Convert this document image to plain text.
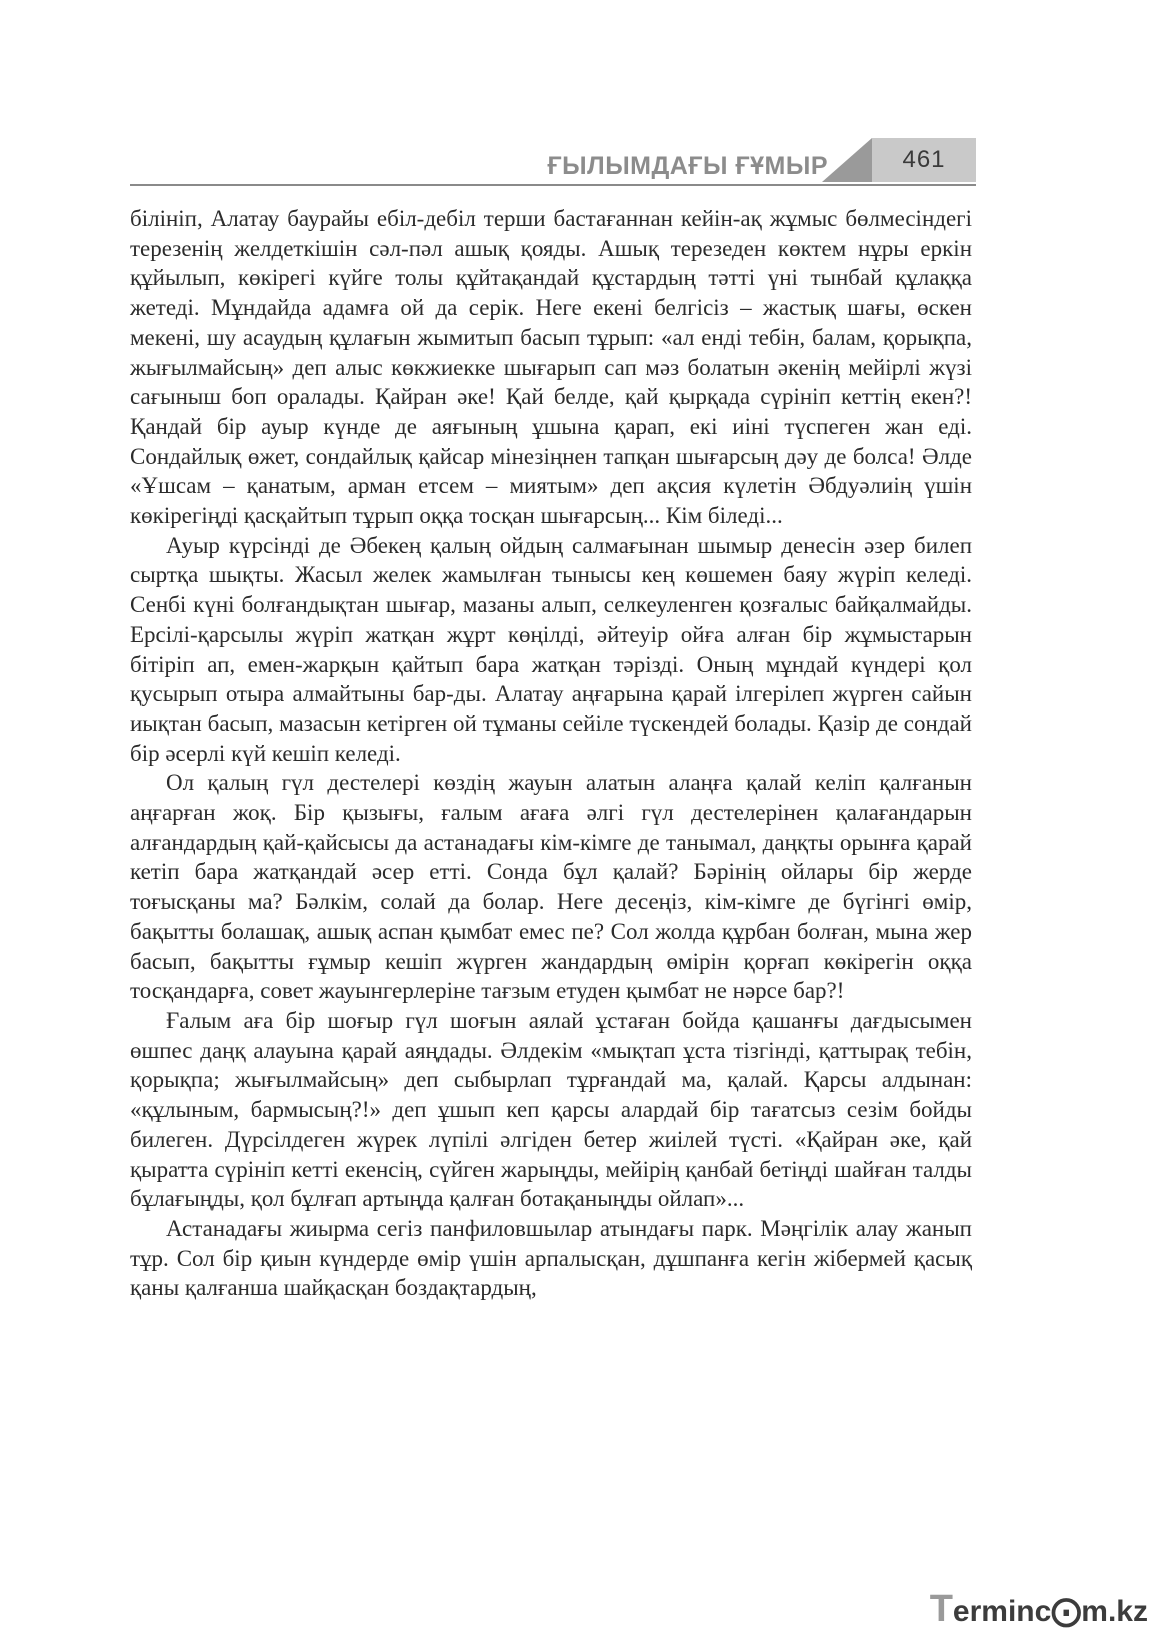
ҒЫЛЫМДАҒЫ ҒҰМЫР	461

білініп, Алатау баурайы ебіл-дебіл терши бастағаннан кейін-ақ жұмыс бөлмесіндегі терезенің желдеткішін сәл-пәл ашық қояды. Ашық терезеден көктем нұры еркін құйылып, көкірегі күйге толы құйтақандай құстардың тәтті үні тынбай құлаққа жетеді. Мұндайда адамға ой да серік. Неге екені белгісіз – жастық шағы, өскен мекені, шу асаудың құлағын жымитып басып тұрып: «ал енді тебін, балам, қорықпа, жығылмайсың» деп алыс көкжиекке шығарып сап мәз болатын әкенің мейірлі жүзі сағыныш боп оралады. Қайран әке! Қай белде, қай қырқада сүрініп кеттің екен?! Қандай бір ауыр күнде де аяғының ұшына қарап, екі иіні түспеген жан еді. Сондайлық өжет, сондайлық қайсар мінезіңнен тапқан шығарсың дәу де болса! Әлде «Ұшсам – қанатым, арман етсем – миятым» деп ақсия күлетін Әбдуәлиің үшін көкірегіңді қасқайтып тұрып оққа тосқан шығарсың... Кім біледі...

Ауыр күрсінді де Әбекең қалың ойдың салмағынан шымыр денесін әзер билеп сыртқа шықты. Жасыл желек жамылған тынысы кең көшемен баяу жүріп келеді. Сенбі күні болғандықтан шығар, мазаны алып, селкеуленген қозғалыс байқалмайды. Ерсілі-қарсылы жүріп жатқан жұрт көңілді, әйтеуір ойға алған бір жұмыстарын бітіріп ап, емен-жарқын қайтып бара жатқан тәрізді. Оның мұндай күндері қол қусырып отыра алмайтыны бар-ды. Алатау аңғарына қарай ілгерілеп жүрген сайын иықтан басып, мазасын кетірген ой тұманы сейіле түскендей болады. Қазір де сондай бір әсерлі күй кешіп келеді.

Ол қалың гүл дестелері көздің жауын алатын алаңға қалай келіп қалғанын аңғарған жоқ. Бір қызығы, ғалым ағаға әлгі гүл дестелерінен қалағандарын алғандардың қай-қайсысы да астанадағы кім-кімге де танымал, даңқты орынға қарай кетіп бара жатқандай әсер етті. Сонда бұл қалай? Бәрінің ойлары бір жерде тоғысқаны ма? Бәлкім, солай да болар. Неге десеңіз, кім-кімге де бүгінгі өмір, бақытты болашақ, ашық аспан қымбат емес пе? Сол жолда құрбан болған, мына жер басып, бақытты ғұмыр кешіп жүрген жандардың өмірін қорғап көкірегін оққа тосқандарға, совет жауынгерлеріне тағзым етуден қымбат не нәрсе бар?!

Ғалым аға бір шоғыр гүл шоғын аялай ұстаған бойда қашанғы дағдысымен өшпес даңқ алауына қарай аяңдады. Әлдекім «мықтап ұста тізгінді, қаттырақ тебін, қорықпа; жығылмайсың» деп сыбырлап тұрғандай ма, қалай. Қарсы алдынан: «құлыным, бармысың?!» деп ұшып кеп қарсы алардай бір тағатсыз сезім бойды билеген. Дүрсілдеген жүрек лүпілі әлгіден бетер жиілей түсті. «Қайран әке, қай қыратта сүрініп кетті екенсің, сүйген жарыңды, мейірің қанбай бетіңді шайған талды бұлағыңды, қол бұлғап артыңда қалған ботақаныңды ойлап»...

Астанадағы жиырма сегіз панфиловшылар атындағы парк. Мәңгілік алау жанып тұр. Сол бір қиын күндерде өмір үшін арпалысқан, дұшпанға кегін жібермей қасық қаны қалғанша шайқасқан боздақтардың,

Terminc⨀m.kz
